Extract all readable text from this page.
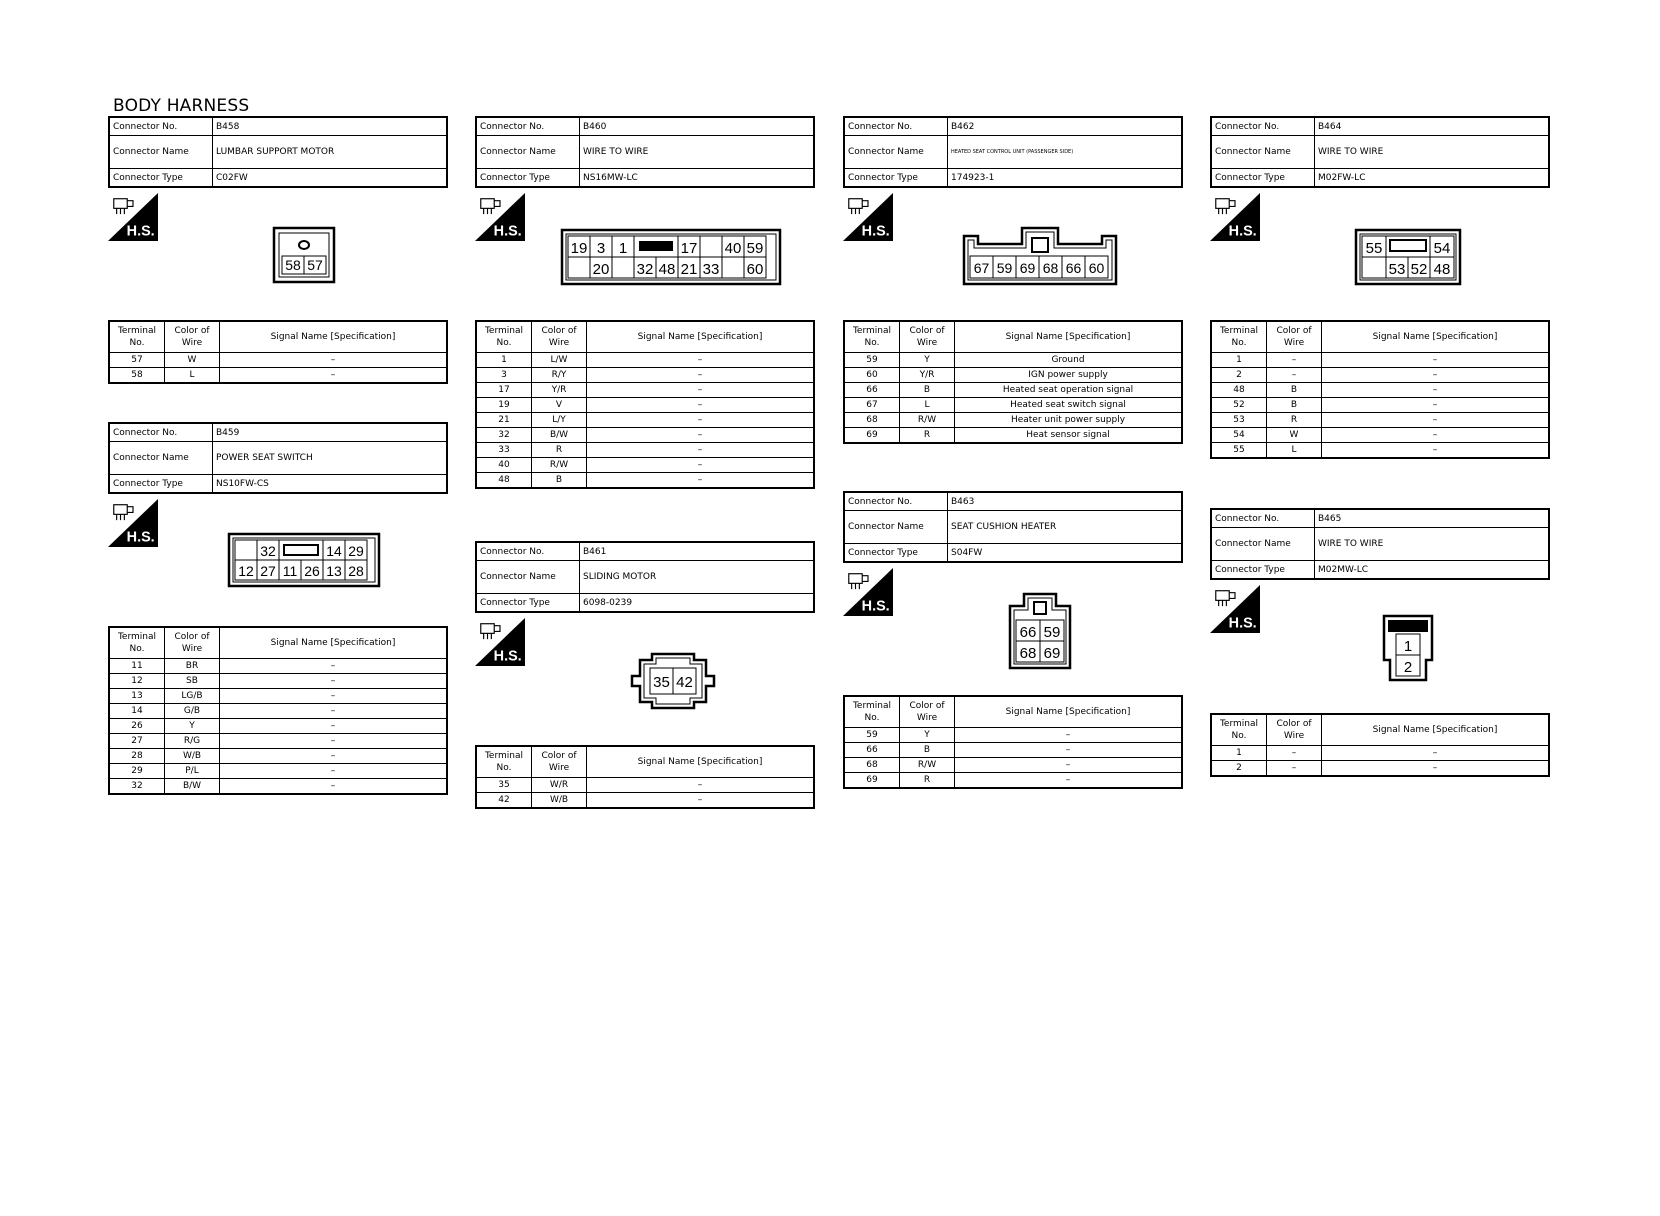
BODY HARNESS
Connector No.	B458
Connector Name	LUMBAR SUPPORT MOTOR
Connector Type	C02FW
H.S.
58 57
Terminal No.	Color of Wire	Signal Name [Specification]
57	W	–
58	L	–
Connector No.	B459
Connector Name	POWER SEAT SWITCH
Connector Type	NS10FW-CS
H.S.
32	14 29
12 27 11 26 13 28
Terminal No.	Color of Wire	Signal Name [Specification]
11	BR	–
12	SB	–
13	LG/B	–
14	G/B	–
26	Y	–
27	R/G	–
28	W/B	–
29	P/L	–
32	B/W	–
Connector No.	B460
Connector Name	WIRE TO WIRE
Connector Type	NS16MW-LC
H.S.
19 3 1	17 40 59
20 32 48 21 33 60
Terminal No.	Color of Wire	Signal Name [Specification]
1	L/W	–
3	R/Y	–
17	Y/R	–
19	V	–
21	L/Y	–
32	B/W	–
33	R	–
40	R/W	–
48	B	–
Connector No.	B461
Connector Name	SLIDING MOTOR
Connector Type	6098-0239
H.S.
35 42
Terminal No.	Color of Wire	Signal Name [Specification]
35	W/R	–
42	W/B	–
Connector No.	B462
Connector Name	HEATED SEAT CONTROL UNIT (PASSENGER SIDE)
Connector Type	174923-1
H.S.
67 59 69 68 66 60
Terminal No.	Color of Wire	Signal Name [Specification]
59	Y	Ground
60	Y/R	IGN power supply
66	B	Heated seat operation signal
67	L	Heated seat switch signal
68	R/W	Heater unit power supply
69	R	Heat sensor signal
Connector No.	B463
Connector Name	SEAT CUSHION HEATER
Connector Type	S04FW
H.S.
66 59
68 69
Terminal No.	Color of Wire	Signal Name [Specification]
59	Y	–
66	B	–
68	R/W	–
69	R	–
Connector No.	B464
Connector Name	WIRE TO WIRE
Connector Type	M02FW-LC
H.S.
55	54
53 52 48
Terminal No.	Color of Wire	Signal Name [Specification]
1	–	–
2	–	–
48	B	–
52	B	–
53	R	–
54	W	–
55	L	–
Connector No.	B465
Connector Name	WIRE TO WIRE
Connector Type	M02MW-LC
H.S.
1
2
Terminal No.	Color of Wire	Signal Name [Specification]
1	–	–
2	–	–
